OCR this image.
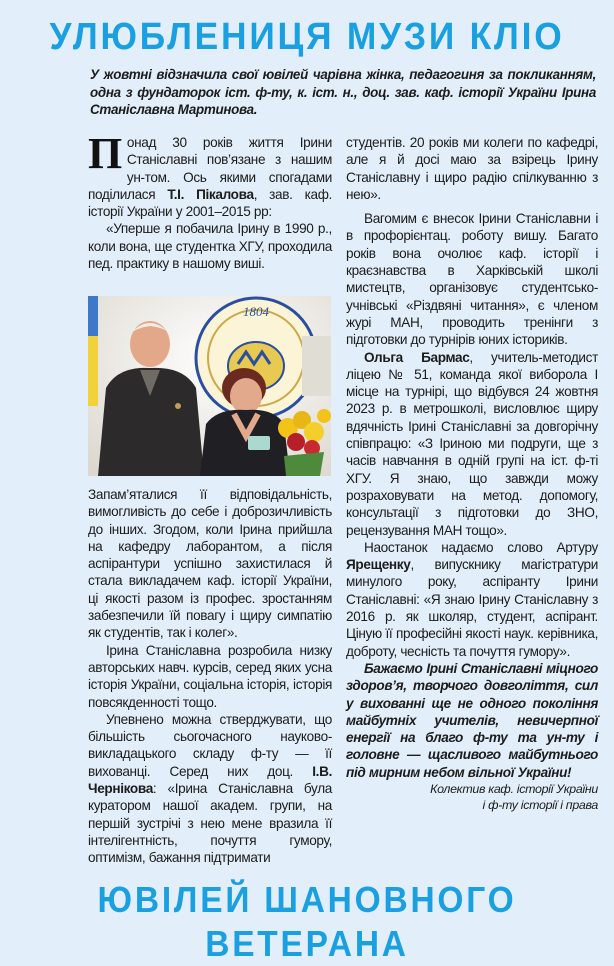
УЛЮБЛЕНИЦЯ МУЗИ КЛІО
У жовтні відзначила свої ювілей чарівна жінка, педагогиня за покликанням, одна з фундаторок іст. ф-ту, к. іст. н., доц. зав. каф. історії України Ірина Станіславна Мартинова.

Понад 30 років життя Ірини Станіславні пов’язане з нашим ун-том. Ось якими спогадами поділилася Т.І. Пікалова, зав. каф. історії України у 2001–2015 рр:

«Уперше я побачила Ірину в 1990 р., коли вона, ще студентка ХГУ, проходила пед. практику в нашому виші.

1804

Запам’яталися її відповідальність, вимогливість до себе і доброзичливість до інших. Згодом, коли Ірина прийшла на кафедру лаборантом, а після аспірантури успішно захистилася й стала викладачем каф. історії України, ці якості разом із профес. зростанням забезпечили їй повагу і щиру симпатію як студентів, так і колег».

Ірина Станіславна розробила низку авторських навч. курсів, серед яких усна історія України, соціальна історія, історія повсякденності тощо.

Упевнено можна стверджувати, що більшість сьогочасного науково-викладацького складу ф-ту — її вихованці. Серед них доц. І.В. Чернікова: «Ірина Станіславна була куратором нашої академ. групи, на першій зустрічі з нею мене вразила її інтелігентність, почуття гумору, оптимізм, бажання підтримати

студентів. 20 років ми колеги по кафедрі, але я й досі маю за взірець Ірину Станіславну і щиро радію спілкуванню з нею».

Вагомим є внесок Ірини Станіславни і в профорієнтац. роботу вишу. Багато років вона очолює каф. історії і краєзнавства в Харківській школі мистецтв, організовує студентсько-учнівські «Різдвяні читання», є членом журі МАН, проводить тренінги з підготовки до турнірів юних істориків.

Ольга Бармас, учитель-методист ліцею № 51, команда якої виборола І місце на турнірі, що відбувся 24 жовтня 2023 р. в метрошколі, висловлює щиру вдячність Ірині Станіславні за довгорічну співпрацю: «З Іриною ми подруги, ще з часів навчання в одній групі на іст. ф-ті ХГУ. Я знаю, що завжди можу розраховувати на метод. допомогу, консультації з підготовки до ЗНО, рецензування МАН тощо».

Наостанок надаємо слово Артуру Ярещенку, випускнику магістратури минулого року, аспіранту Ірини Станіславні: «Я знаю Ірину Станіславну з 2016 р. як школяр, студент, аспірант. Ціную її професійні якості наук. керівника, доброту, чесність та почуття гумору».

Бажаємо Ірині Станіславні міцного здоров’я, творчого довголіття, сил у вихованні ще не одного покоління майбутніх учителів, невичерпної енергії на благо ф-ту та ун-ту і головне — щасливого майбутнього під мирним небом вільної України!

Колектив каф. історії України

і ф-ту історії і права

ЮВІЛЕЙ ШАНОВНОГО ВЕТЕРАНА
